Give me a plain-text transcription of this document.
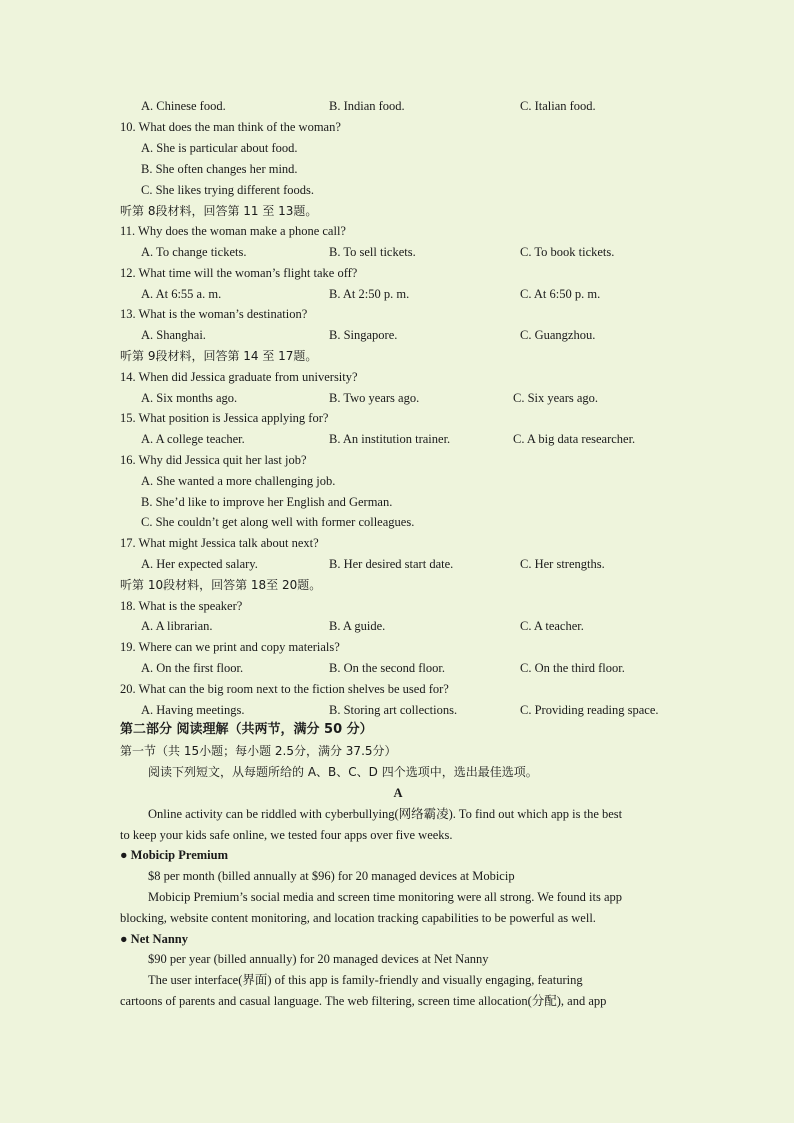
A. Chinese food.	B. Indian food.	C. Italian food.
10. What does the man think of the woman?
A. She is particular about food.
B. She often changes her mind.
C. She likes trying different foods.
听第 8段材料，回答第 11 至 13题。
11. Why does the woman make a phone call?
A. To change tickets.	B. To sell tickets.	C. To book tickets.
12. What time will the woman’s flight take off?
A. At 6:55 a. m.	B. At 2:50 p. m.	C. At 6:50 p. m.
13. What is the woman’s destination?
A. Shanghai.	B. Singapore.	C. Guangzhou.
听第 9段材料，回答第 14 至 17题。
14. When did Jessica graduate from university?
A. Six months ago.	B. Two years ago.	C. Six years ago.
15. What position is Jessica applying for?
A. A college teacher.	B. An institution trainer.	C. A big data researcher.
16. Why did Jessica quit her last job?
A. She wanted a more challenging job.
B. She’d like to improve her English and German.
C. She couldn’t get along well with former colleagues.
17. What might Jessica talk about next?
A. Her expected salary.	B. Her desired start date.	C. Her strengths.
听第 10段材料，回答第 18至 20题。
18. What is the speaker?
A. A librarian.	B. A guide.	C. A teacher.
19. Where can we print and copy materials?
A. On the first floor.	B. On the second floor.	C. On the third floor.
20. What can the big room next to the fiction shelves be used for?
A. Having meetings.	B. Storing art collections.	C. Providing reading space.
第二部分 阅读理解（共两节，满分 50 分）
第一节（共 15小题；每小题 2.5分，满分 37.5分）
阅读下列短文，从每题所给的 A、B、C、D 四个选项中，选出最佳选项。
A
Online activity can be riddled with cyberbullying(网络霸凌). To find out which app is the best
to keep your kids safe online, we tested four apps over five weeks.
● Mobicip Premium
$8 per month (billed annually at $96) for 20 managed devices at Mobicip
Mobicip Premium’s social media and screen time monitoring were all strong. We found its app
blocking, website content monitoring, and location tracking capabilities to be powerful as well.
● Net Nanny
$90 per year (billed annually) for 20 managed devices at Net Nanny
The user interface(界面) of this app is family-friendly and visually engaging, featuring
cartoons of parents and casual language. The web filtering, screen time allocation(分配), and app
